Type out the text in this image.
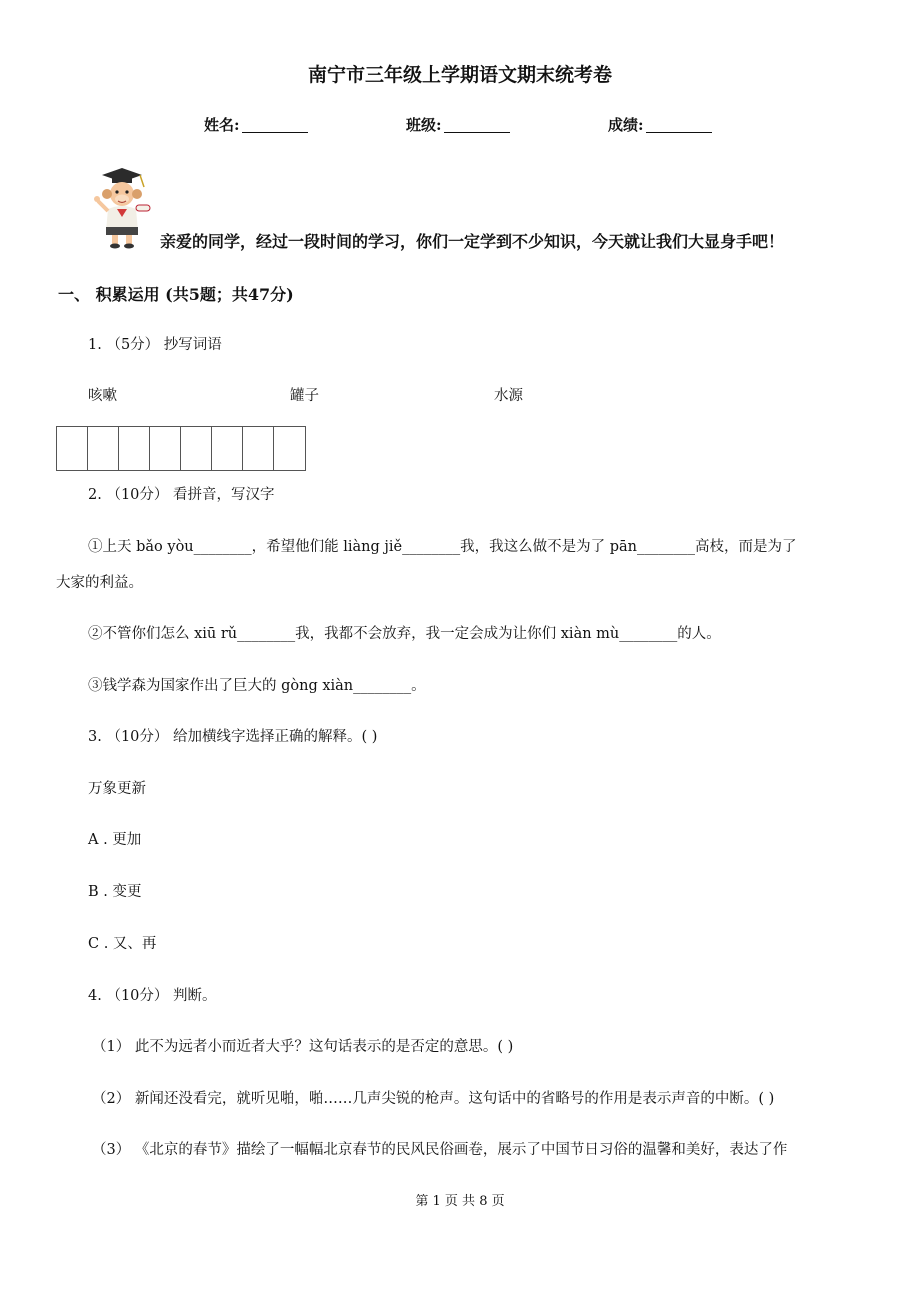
南宁市三年级上学期语文期末统考卷
姓名:	班级:	成绩:
亲爱的同学，经过一段时间的学习，你们一定学到不少知识，今天就让我们大显身手吧！
一、 积累运用 (共5题；共47分)
1. （5分） 抄写词语
咳嗽	罐子	水源
2. （10分） 看拼音，写汉字
①上天 bǎo yòu________，希望他们能 liàng jiě________我，我这么做不是为了 pān________高枝，而是为了
大家的利益。
②不管你们怎么 xiū rǔ________我，我都不会放弃，我一定会成为让你们 xiàn mù________的人。
③钱学森为国家作出了巨大的 gòng xiàn________。
3. （10分） 给加横线字选择正确的解释。( )
万象更新
A . 更加
B . 变更
C . 又、再
4. （10分） 判断。
（1） 此不为远者小而近者大乎？这句话表示的是否定的意思。( )
（2） 新闻还没看完，就听见啪，啪……几声尖锐的枪声。这句话中的省略号的作用是表示声音的中断。( )
（3） 《北京的春节》描绘了一幅幅北京春节的民风民俗画卷，展示了中国节日习俗的温馨和美好，表达了作
第 1 页 共 8 页
